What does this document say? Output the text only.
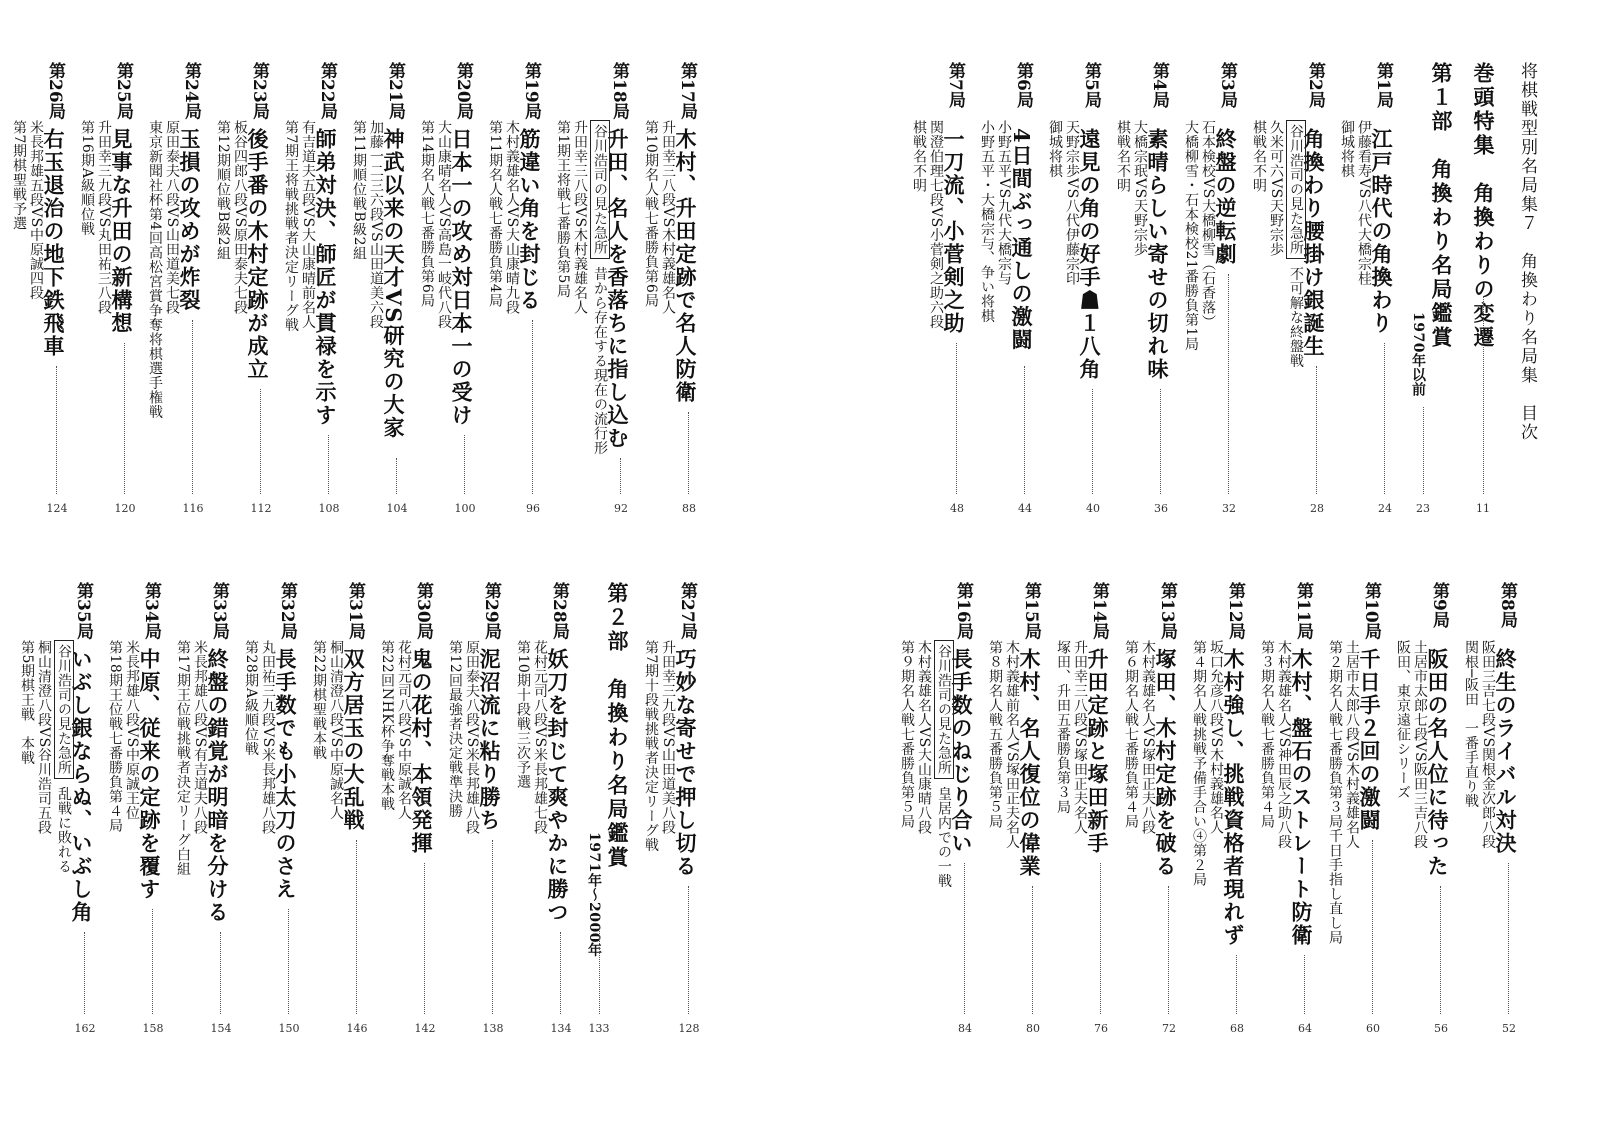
将棋戦型別名局集７　角換わり名局集　目次
巻頭特集　角換わりの変遷
11
第１部　角換わり名局鑑賞
1970年以前
23
第1局
江戸時代の角換わり
伊藤看寿VS八代大橋宗桂
御城将棋
24
第2局
角換わり腰掛け銀誕生
谷川浩司の見た急所 不可解な終盤戦
久米可六VS天野宗歩
棋戦名不明
28
第3局
終盤の逆転劇
石本検校VS大橋柳雪（石香落）
大橋柳雪・石本検校21番勝負第1局
32
第4局
素晴らしい寄せの切れ味
大橋宗珉VS天野宗歩
棋戦名不明
36
第5局
遠見の角の好手☗１八角
天野宗歩VS八代伊藤宗印
御城将棋
40
第6局
4日間ぶっ通しの激闘
小野五平VS九代大橋宗与
小野五平・大橋宗与、争い将棋
44
第7局
一刀流、小菅剣之助
関澄伯理七段VS小菅剣之助六段
棋戦名不明
48
第17局
木村、升田定跡で名人防衛
升田幸三八段VS木村義雄名人
第10期名人戦七番勝負第6局
88
第18局
升田、名人を香落ちに指し込む
谷川浩司の見た急所 昔から存在する現在の流行形
升田幸三八段VS木村義雄名人
第1期王将戦七番勝負第5局
92
第19局
筋違い角を封じる
木村義雄名人VS大山康晴九段
第11期名人戦七番勝負第4局
96
第20局
日本一の攻め対日本一の受け
大山康晴名人VS高島一岐代八段
第14期名人戦七番勝負第6局
100
第21局
神武以来の天才VS研究の大家
加藤一二三六段VS山田道美六段
第11期順位戦B級2組
104
第22局
師弟対決、師匠が貫禄を示す
有吉道夫五段VS大山康晴前名人
第7期王将戦挑戦者決定リーグ戦
108
第23局
後手番の木村定跡が成立
板谷四郎八段VS原田泰夫七段
第12期順位戦B級2組
112
第24局
玉損の攻めが炸裂
原田泰夫八段VS山田道美七段
東京新聞社杯第4回高松宮賞争奪将棋選手権戦
116
第25局
見事な升田の新構想
升田幸三九段VS丸田祐三八段
第16期A級順位戦
120
第26局
右玉退治の地下鉄飛車
米長邦雄五段VS中原誠四段
第7期棋聖戦予選
124
第8局
終生のライバル対決
阪田三吉七段VS関根金次郎八段
関根─阪田　一番手直り戦
52
第9局
阪田の名人位に待った
土居市太郎七段VS阪田三吉八段
阪田、東京遠征シリーズ
56
第10局
千日手２回の激闘
土居市太郎八段VS木村義雄名人
第２期名人戦七番勝負第３局千日手指し直し局
60
第11局
木村、盤石のストレート防衛
木村義雄名人VS神田辰之助八段
第３期名人戦七番勝負第４局
64
第12局
木村強し、挑戦資格者現れず
坂口允彦八段VS木村義雄名人
第４期名人戦挑戦予備手合い④第２局
68
第13局
塚田、木村定跡を破る
木村義雄名人VS塚田正夫八段
第６期名人戦七番勝負第４局
72
第14局
升田定跡と塚田新手
升田幸三八段VS塚田正夫名人
塚田、升田五番勝負第３局
76
第15局
木村、名人復位の偉業
木村義雄前名人VS塚田正夫名人
第８期名人戦五番勝負第５局
80
第16局
長手数のねじり合い
谷川浩司の見た急所 皇居内での一戦
木村義雄名人VS大山康晴八段
第９期名人戦七番勝負第５局
84
第27局
巧妙な寄せで押し切る
升田幸三九段VS山田道美八段
第7期十段戦挑戦者決定リーグ戦
128
第２部　角換わり名局鑑賞
1971年〜2000年
133
第28局
妖刀を封じて爽やかに勝つ
花村元司八段VS米長邦雄七段
第10期十段戦三次予選
134
第29局
泥沼流に粘り勝ち
原田泰夫八段VS米長邦雄八段
第12回最強者決定戦準決勝
138
第30局
鬼の花村、本領発揮
花村元司八段VS中原誠名人
第22回NHK杯争奪戦本戦
142
第31局
双方居玉の大乱戦
桐山清澄八段VS中原誠名人
第22期棋聖戦本戦
146
第32局
長手数でも小太刀のさえ
丸田祐三九段VS米長邦雄八段
第28期A級順位戦
150
第33局
終盤の錯覚が明暗を分ける
米長邦雄八段VS有吉道夫八段
第17期王位戦挑戦者決定リーグ白組
154
第34局
中原、従来の定跡を覆す
米長邦雄八段VS中原誠王位
第18期王位戦七番勝負第４局
158
第35局
いぶし銀ならぬ、いぶし角
谷川浩司の見た急所 乱戦に敗れる
桐山清澄八段VS谷川浩司五段
第5期棋王戦　本戦
162
